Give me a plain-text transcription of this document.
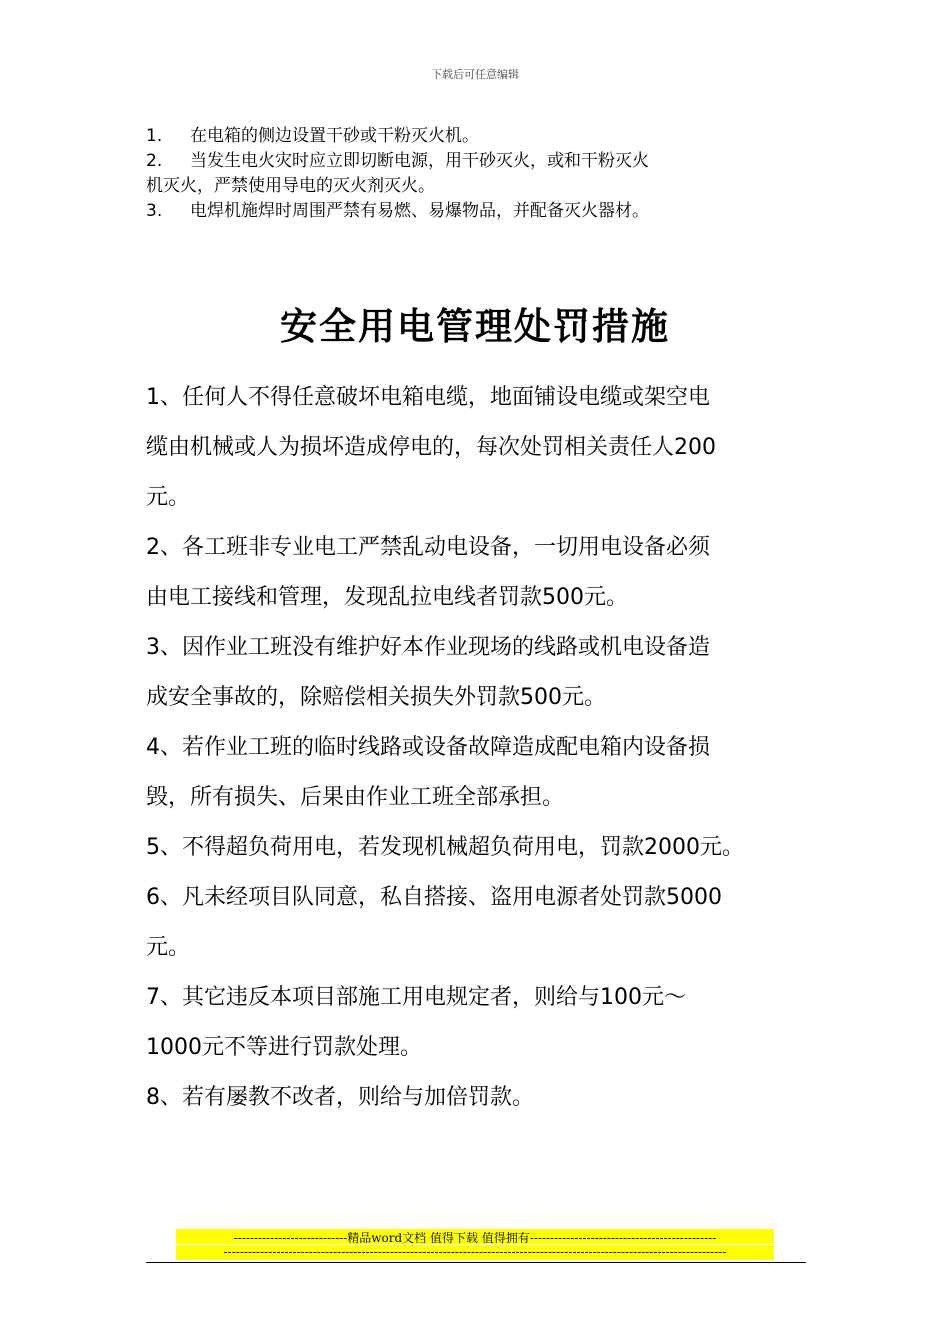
下载后可任意编辑
1.	在电箱的侧边设置干砂或干粉灭火机。
2.	当发生电火灾时应立即切断电源，用干砂灭火，或和干粉灭火
机灭火，严禁使用导电的灭火剂灭火。
3.	电焊机施焊时周围严禁有易燃、易爆物品，并配备灭火器材。
安全用电管理处罚措施
1、任何人不得任意破坏电箱电缆，地面铺设电缆或架空电
缆由机械或人为损坏造成停电的，每次处罚相关责任人200
元。
2、各工班非专业电工严禁乱动电设备，一切用电设备必须
由电工接线和管理，发现乱拉电线者罚款500元。
3、因作业工班没有维护好本作业现场的线路或机电设备造
成安全事故的，除赔偿相关损失外罚款500元。
4、若作业工班的临时线路或设备故障造成配电箱内设备损
毁，所有损失、后果由作业工班全部承担。
5、不得超负荷用电，若发现机械超负荷用电，罚款2000元。
6、凡未经项目队同意，私自搭接、盗用电源者处罚款5000
元。
7、其它违反本项目部施工用电规定者，则给与100元～
1000元不等进行罚款处理。
8、若有屡教不改者，则给与加倍罚款。
----------------------------精品word文档 值得下载 值得拥有----------------------------------------------
----------------------------------------------------------------------------------------------------------------------------
